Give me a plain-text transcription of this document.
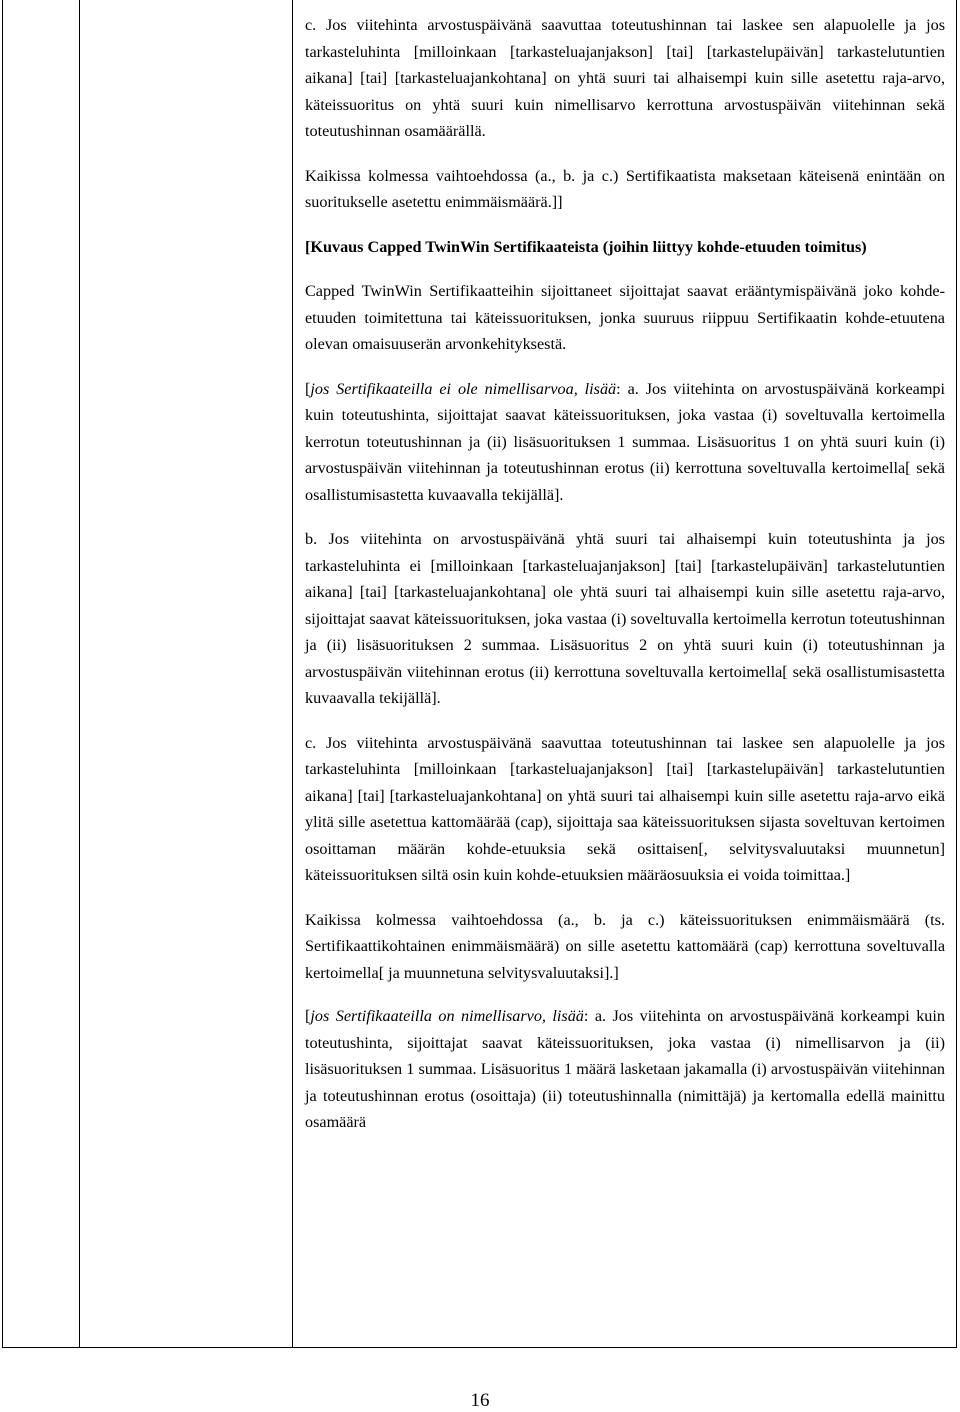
c. Jos viitehinta arvostuspäivänä saavuttaa toteutushinnan tai laskee sen alapuolelle ja jos tarkasteluhinta [milloinkaan [tarkasteluajanjakson] [tai] [tarkastelupäivän] tarkastelutuntien aikana] [tai] [tarkasteluajankohtana] on yhtä suuri tai alhaisempi kuin sille asetettu raja-arvo, käteissuoritus on yhtä suuri kuin nimellisarvo kerrottuna arvostuspäivän viitehinnan sekä toteutushinnan osamäärällä.

Kaikissa kolmessa vaihtoehdossa (a., b. ja c.) Sertifikaatista maksetaan käteisenä enintään on suoritukselle asetettu enimmäismäärä.]]

[Kuvaus Capped TwinWin Sertifikaateista (joihin liittyy kohde-etuuden toimitus)

Capped TwinWin Sertifikaatteihin sijoittaneet sijoittajat saavat erääntymispäivänä joko kohde-etuuden toimitettuna tai käteissuorituksen, jonka suuruus riippuu Sertifikaatin kohde-etuutena olevan omaisuuserän arvonkehityksestä.

[jos Sertifikaateilla ei ole nimellisarvoa, lisää: a. Jos viitehinta on arvostuspäivänä korkeampi kuin toteutushinta, sijoittajat saavat käteissuorituksen, joka vastaa (i) soveltuvalla kertoimella kerrotun toteutushinnan ja (ii) lisäsuorituksen 1 summaa. Lisäsuoritus 1 on yhtä suuri kuin (i) arvostuspäivän viitehinnan ja toteutushinnan erotus (ii) kerrottuna soveltuvalla kertoimella[ sekä osallistumisastetta kuvaavalla tekijällä].

b. Jos viitehinta on arvostuspäivänä yhtä suuri tai alhaisempi kuin toteutushinta ja jos tarkasteluhinta ei [milloinkaan [tarkasteluajanjakson] [tai] [tarkastelupäivän] tarkastelutuntien aikana] [tai] [tarkasteluajankohtana] ole yhtä suuri tai alhaisempi kuin sille asetettu raja-arvo, sijoittajat saavat käteissuorituksen, joka vastaa (i) soveltuvalla kertoimella kerrotun toteutushinnan ja (ii) lisäsuorituksen 2 summaa. Lisäsuoritus 2 on yhtä suuri kuin (i) toteutushinnan ja arvostuspäivän viitehinnan erotus (ii) kerrottuna soveltuvalla kertoimella[ sekä osallistumisastetta kuvaavalla tekijällä].

c. Jos viitehinta arvostuspäivänä saavuttaa toteutushinnan tai laskee sen alapuolelle ja jos tarkasteluhinta [milloinkaan [tarkasteluajanjakson] [tai] [tarkastelupäivän] tarkastelutuntien aikana] [tai] [tarkasteluajankohtana] on yhtä suuri tai alhaisempi kuin sille asetettu raja-arvo eikä ylitä sille asetettua kattomäärää (cap), sijoittaja saa käteissuorituksen sijasta soveltuvan kertoimen osoittaman määrän kohde-etuuksia sekä osittaisen[, selvitysvaluutaksi muunnetun] käteissuorituksen siltä osin kuin kohde-etuuksien määräosuuksia ei voida toimittaa.]

Kaikissa kolmessa vaihtoehdossa (a., b. ja c.) käteissuorituksen enimmäismäärä (ts. Sertifikaattikohtainen enimmäismäärä) on sille asetettu kattomäärä (cap) kerrottuna soveltuvalla kertoimella[ ja muunnetuna selvitysvaluutaksi].]

[jos Sertifikaateilla on nimellisarvo, lisää: a. Jos viitehinta on arvostuspäivänä korkeampi kuin toteutushinta, sijoittajat saavat käteissuorituksen, joka vastaa (i) nimellisarvon ja (ii) lisäsuorituksen 1 summaa. Lisäsuoritus 1 määrä lasketaan jakamalla (i) arvostuspäivän viitehinnan ja toteutushinnan erotus (osoittaja) (ii) toteutushinnalla (nimittäjä) ja kertomalla edellä mainittu osamäärä

16
